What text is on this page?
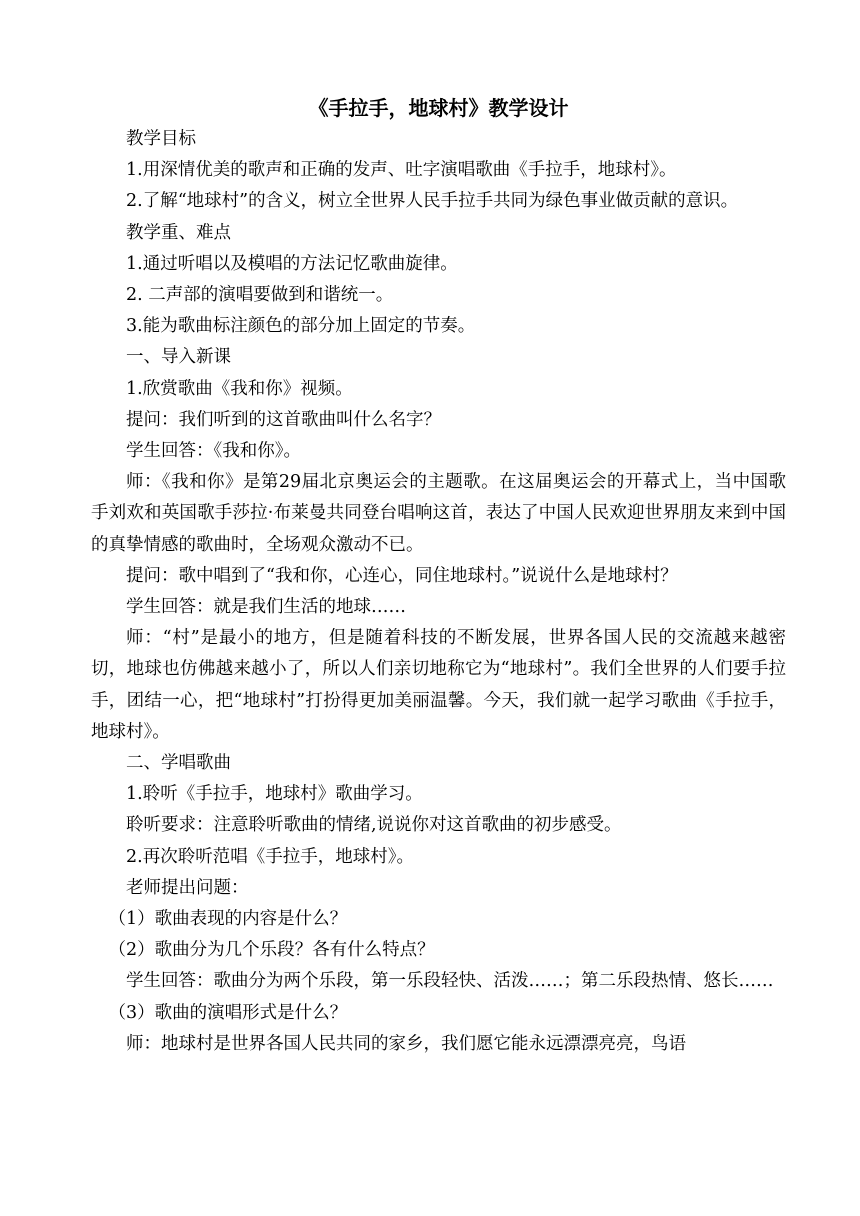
《手拉手，地球村》教学设计

教学目标

1.用深情优美的歌声和正确的发声、吐字演唱歌曲《手拉手，地球村》。

2.了解“地球村”的含义，树立全世界人民手拉手共同为绿色事业做贡献的意识。

教学重、难点

1.通过听唱以及模唱的方法记忆歌曲旋律。

2. 二声部的演唱要做到和谐统一。

3.能为歌曲标注颜色的部分加上固定的节奏。

一、导入新课

1.欣赏歌曲《我和你》视频。

提问：我们听到的这首歌曲叫什么名字？

学生回答：《我和你》。

师：《我和你》是第29届北京奥运会的主题歌。在这届奥运会的开幕式上，当中国歌手刘欢和英国歌手莎拉·布莱曼共同登台唱响这首，表达了中国人民欢迎世界朋友来到中国的真挚情感的歌曲时，全场观众激动不已。

提问：歌中唱到了“我和你，心连心，同住地球村。”说说什么是地球村？

学生回答：就是我们生活的地球……

师：“村”是最小的地方，但是随着科技的不断发展，世界各国人民的交流越来越密切，地球也仿佛越来越小了，所以人们亲切地称它为“地球村”。我们全世界的人们要手拉手，团结一心，把“地球村”打扮得更加美丽温馨。今天，我们就一起学习歌曲《手拉手，地球村》。

二、学唱歌曲

1.聆听《手拉手，地球村》歌曲学习。

聆听要求：注意聆听歌曲的情绪,说说你对这首歌曲的初步感受。

2.再次聆听范唱《手拉手，地球村》。

老师提出问题：

（1）歌曲表现的内容是什么？

（2）歌曲分为几个乐段？各有什么特点？

学生回答：歌曲分为两个乐段，第一乐段轻快、活泼……；第二乐段热情、悠长……

（3）歌曲的演唱形式是什么？

师：地球村是世界各国人民共同的家乡，我们愿它能永远漂漂亮亮，鸟语
